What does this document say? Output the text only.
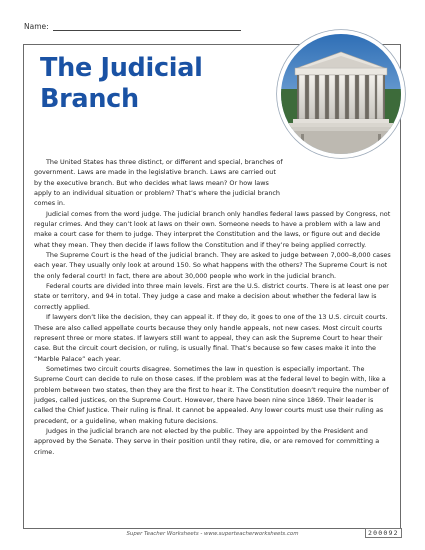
Name:
The Judicial
Branch

The United States has three distinct, or different and special, branches of government. Laws are made in the legislative branch. Laws are carried out by the executive branch. But who decides what laws mean? Or how laws apply to an individual situation or problem? That’s where the judicial branch comes in.

Judicial comes from the word judge. The judicial branch only handles federal laws passed by Congress, not regular crimes. And they can’t look at laws on their own. Someone needs to have a problem with a law and make a court case for them to judge. They interpret the Constitution and the laws, or figure out and decide what they mean. They then decide if laws follow the Constitution and if they’re being applied correctly.

The Supreme Court is the head of the judicial branch. They are asked to judge between 7,000–8,000 cases each year. They usually only look at around 150. So what happens with the others? The Supreme Court is not the only federal court! In fact, there are about 30,000 people who work in the judicial branch.

Federal courts are divided into three main levels. First are the U.S. district courts. There is at least one per state or territory, and 94 in total. They judge a case and make a decision about whether the federal law is correctly applied.

If lawyers don’t like the decision, they can appeal it. If they do, it goes to one of the 13 U.S. circuit courts. These are also called appellate courts because they only handle appeals, not new cases. Most circuit courts represent three or more states. If lawyers still want to appeal, they can ask the Supreme Court to hear their case. But the circuit court decision, or ruling, is usually final. That’s because so few cases make it into the “Marble Palace” each year.

Sometimes two circuit courts disagree. Sometimes the law in question is especially important. The Supreme Court can decide to rule on those cases. If the problem was at the federal level to begin with, like a problem between two states, then they are the first to hear it. The Constitution doesn’t require the number of judges, called justices, on the Supreme Court. However, there have been nine since 1869. Their leader is called the Chief Justice. Their ruling is final. It cannot be appealed. Any lower courts must use their ruling as precedent, or a guideline, when making future decisions.

Judges in the judicial branch are not elected by the public. They are appointed by the President and approved by the Senate. They serve in their position until they retire, die, or are removed for committing a crime.

Super Teacher Worksheets - www.superteacherworksheets.com	200092
